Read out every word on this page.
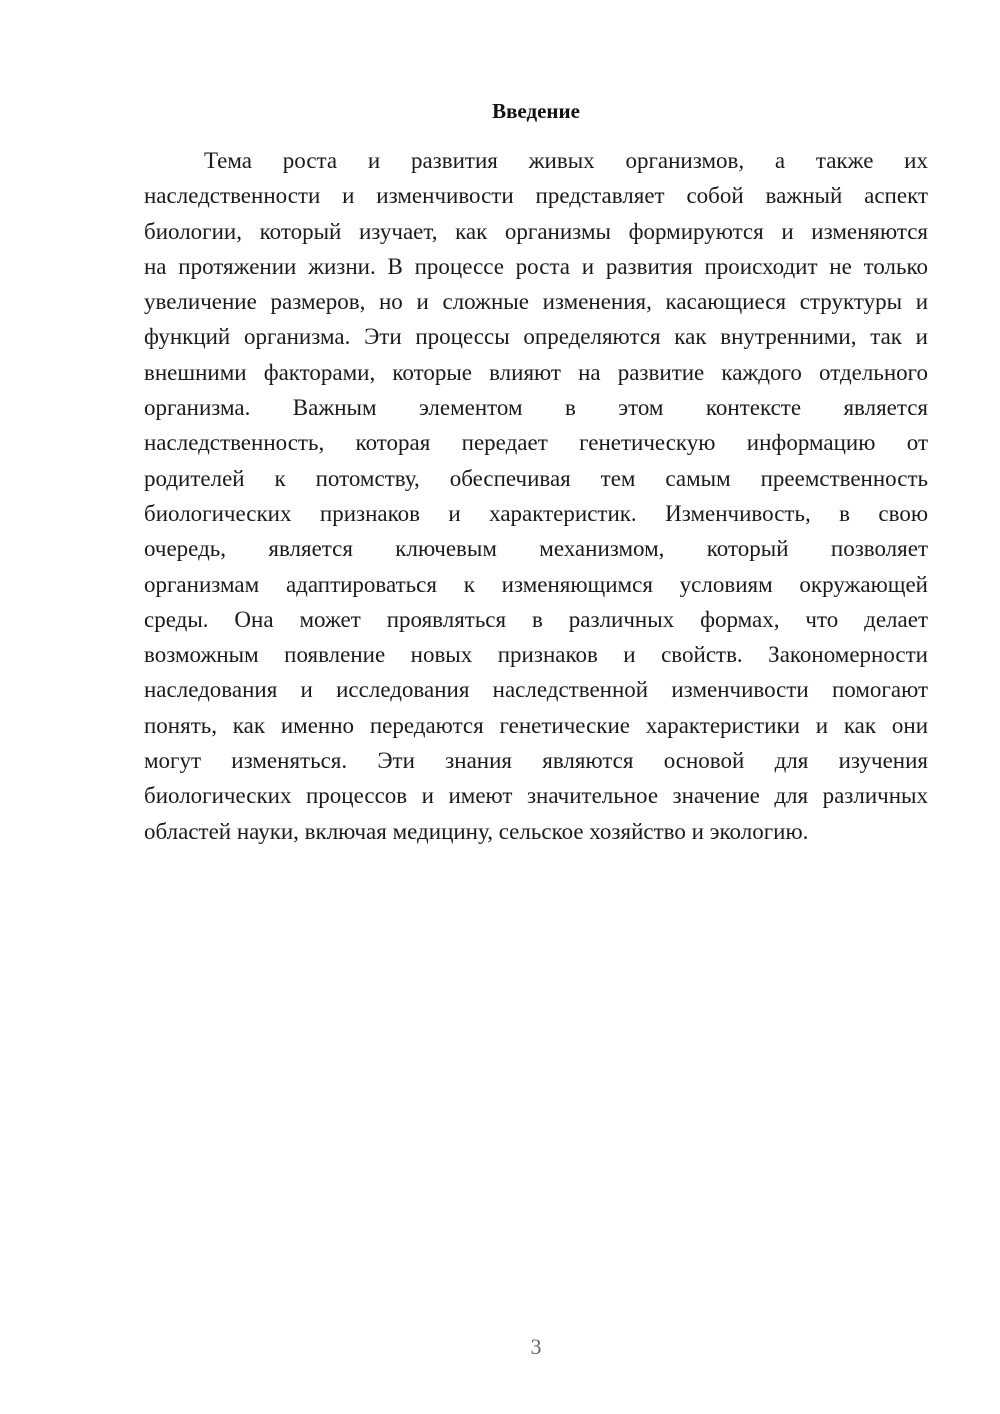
Введение
Тема роста и развития живых организмов, а также их
наследственности и изменчивости представляет собой важный аспект
биологии, который изучает, как организмы формируются и изменяются
на протяжении жизни. В процессе роста и развития происходит не только
увеличение размеров, но и сложные изменения, касающиеся структуры и
функций организма. Эти процессы определяются как внутренними, так и
внешними факторами, которые влияют на развитие каждого отдельного
организма. Важным элементом в этом контексте является
наследственность, которая передает генетическую информацию от
родителей к потомству, обеспечивая тем самым преемственность
биологических признаков и характеристик. Изменчивость, в свою
очередь, является ключевым механизмом, который позволяет
организмам адаптироваться к изменяющимся условиям окружающей
среды. Она может проявляться в различных формах, что делает
возможным появление новых признаков и свойств. Закономерности
наследования и исследования наследственной изменчивости помогают
понять, как именно передаются генетические характеристики и как они
могут изменяться. Эти знания являются основой для изучения
биологических процессов и имеют значительное значение для различных
областей науки, включая медицину, сельское хозяйство и экологию.
3
